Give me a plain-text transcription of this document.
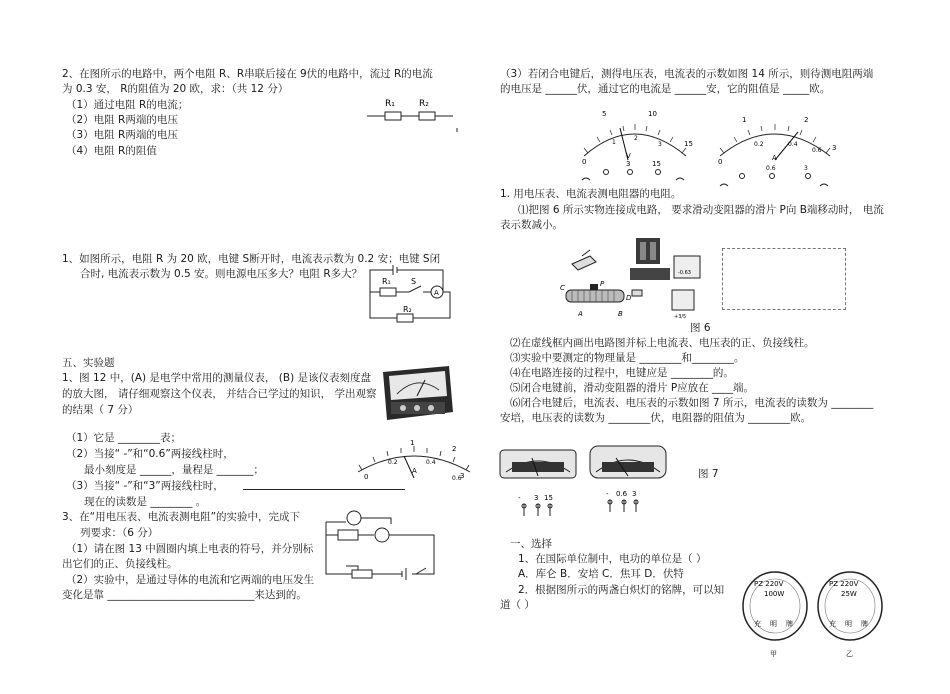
2、在图所示的电路中，两个电阻 R、R串联后接在 9伏的电路中，流过 R的电流
为 0.3 安， R的阻值为 20 欧，求：（共 12 分）
（1）通过电阻 R的电流；
（2）电阻 R两端的电压
（3）电阻 R两端的电压
（4）电阻 R的阻值
R₁	R₂
1、如图所示，电阻 R 为 20 欧，电键 S断开时，电流表示数为 0.2 安；电键 S闭
合时, 电流表示数为 0.5 安。则电源电压多大？电阻 R多大？
R₁	S
A
R₂
五、实验题
1、图 12 中，(A) 是电学中常用的测量仪表， (B) 是该仪表刻度盘
的放大图， 请仔细观察这个仪表， 并结合已学过的知识， 学出观察
的结果（ 7 分）
（1）它是 ________表；
（2）当接“ -”和“0.6”两接线柱时，
最小刻度是 ______，量程是 _______；
（3）当接“ -”和“3”两接线柱时，
现在的读数是 ________ 。
0
1
0.2	0.4
2
3
0.6
A
3、在“用电压表、电流表测电阻”的实验中，完成下
列要求：（6 分）
（1）请在图 13 中圆圈内填上电表的符号，并分别标
出它们的正、负接线柱。
（2）实验中，是通过导体的电流和它两端的电压发生
变化是靠 ____________________________来达到的。
（3）若闭合电键后，测得电压表，电流表的示数如图 14 所示，则待测电阻两端
的电压是 ______伏，通过它的电流是 ______安，它的阻值是 _____欧。
0
5	10
15
1
2
3
V
3	15	0
0.2	0.4
0.6
1	2
3
A
0.6	3
1. 用电压表、电流表测电阻器的电阻。
⑴把图 6 所示实物连接成电路， 要求滑动变阻器的滑片 P向 B端移动时， 电流
表示数减小。
-0.63
+3/5
C	P
D
A	B
图 6
⑵在虚线框内画出电路图并标上电流表、电压表的正、负接线柱。
⑶实验中要测定的物理量是 ________和________。
⑷在电路连接的过程中，电键应是 ________的。
⑸闭合电键前，滑动变阻器的滑片 P应放在 ____端。
⑹闭合电键后，电流表、电压表的示数如图 7 所示，电流表的读数为 ________
安培，电压表的读数为 ________伏，电阻器的阻值为 ________欧。
- 3 15	- 0.6 3
图 7
一、选择
1、在国际单位制中，电功的单位是（ ）
A．库仑 B．安培 C．焦耳 D．伏特
2．根据图所示的两盏白炽灯的铭牌，可以知
道（ ）
PZ 220V
100W
充 明 牌
甲
PZ 220V
25W
充 明 牌
乙
